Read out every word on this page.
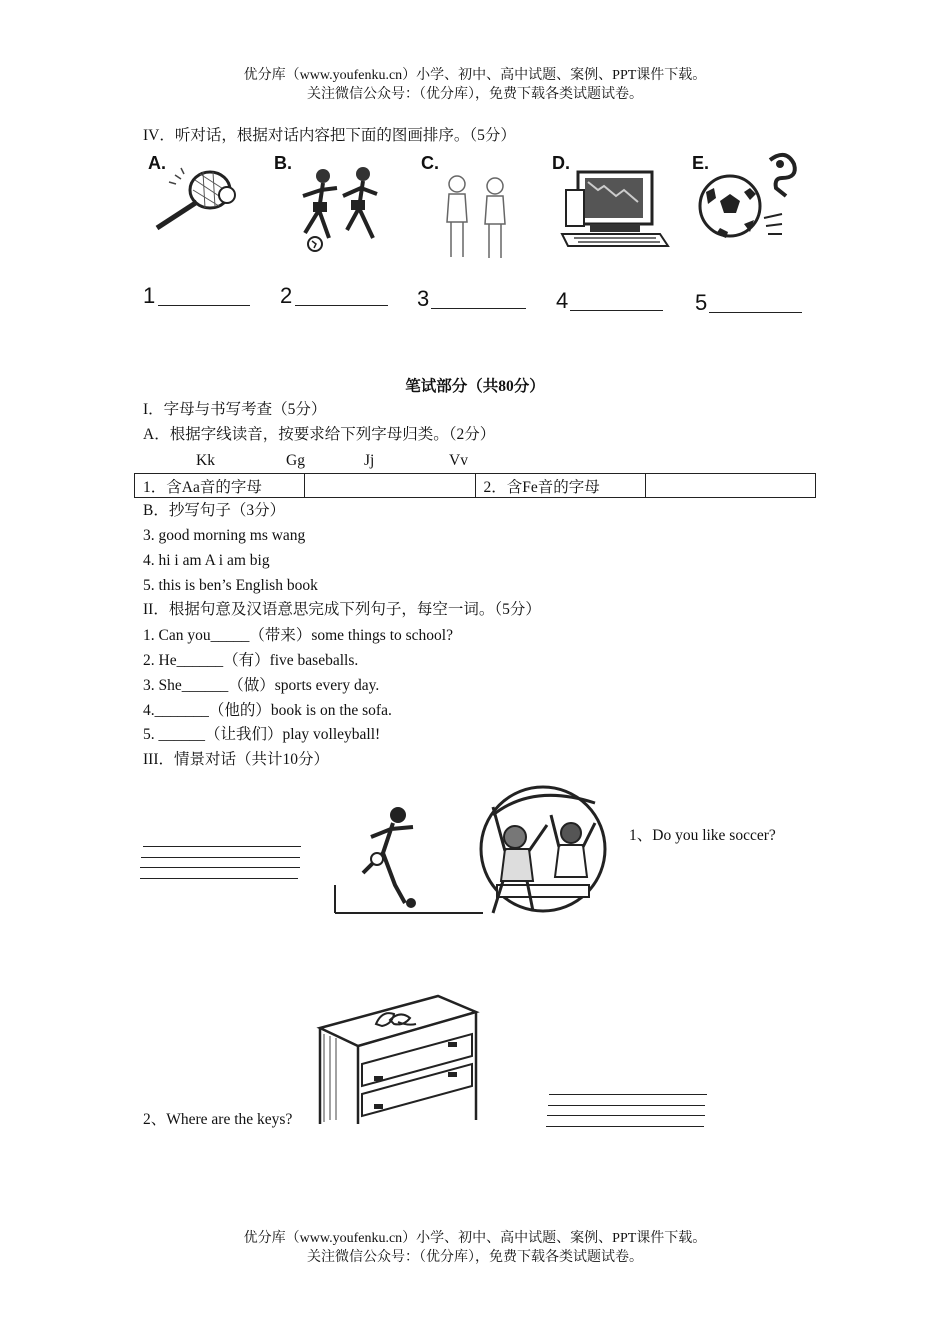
优分库（www.youfenku.cn）小学、初中、高中试题、案例、PPT课件下载。
关注微信公众号：（优分库），免费下载各类试题试卷。
IV．听对话，根据对话内容把下面的图画排序。（5分）
A.	B.	C.	D.	E.
1	2	3	4	5
笔试部分（共80分）
I．字母与书写考查（5分）
A．根据字线读音，按要求给下列字母归类。（2分）
Kk	Gg	Jj	Vv
1．含Aa音的字母		2．含Fe音的字母	
B．抄写句子（3分）
3. good morning ms wang
4. hi i am A i am big
5. this is ben’s English book
II．根据句意及汉语意思完成下列句子，每空一词。（5分）
1. Can you_____（带来）some things to school?
2. He______（有）five baseballs.
3. She______（做）sports every day.
4._______（他的）book is on the sofa.
5. ______（让我们）play volleyball!
III．情景对话（共计10分）
1、Do you like soccer?
2、Where are the keys?
优分库（www.youfenku.cn）小学、初中、高中试题、案例、PPT课件下载。
关注微信公众号：（优分库），免费下载各类试题试卷。
